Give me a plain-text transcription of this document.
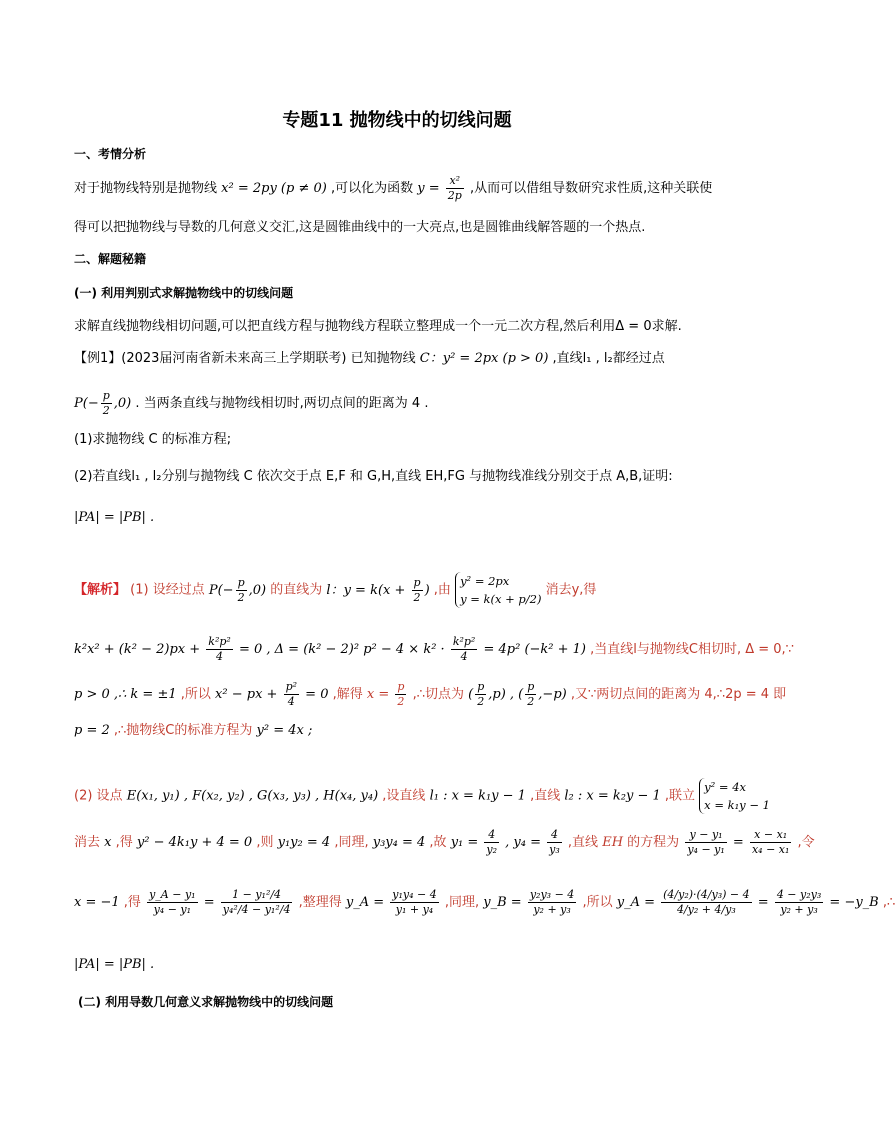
专题11 抛物线中的切线问题
一、考情分析
对于抛物线特别是抛物线 x² = 2py (p ≠ 0) ,可以化为函数 $y = \frac{\text{x²}}{2p}$ ,从而可以借组导数研究求性质,这种关联使
得可以把抛物线与导数的几何意义交汇,这是圆锥曲线中的一大亮点,也是圆锥曲线解答题的一个热点.
二、解题秘籍
(一) 利用判别式求解抛物线中的切线问题
求解直线抛物线相切问题,可以把直线方程与抛物线方程联立整理成一个一元二次方程,然后利用Δ = 0求解.
【例1】(2023届河南省新未来高三上学期联考) 已知抛物线 C：y² = 2px (p > 0) ,直线l₁ , l₂都经过点
$P(- \frac{p}{2} ,0)$ . 当两条直线与抛物线相切时,两切点间的距离为 4 .
(1)求抛物线 C 的标准方程;
(2)若直线l₁ , l₂分别与抛物线 C 依次交于点 E,F 和 G,H,直线 EH,FG 与抛物线准线分别交于点 A,B,证明:
|PA| = |PB| .
【解析】 (1) 设经过点 $P(- \frac{p}{2} ,0)$ 的直线为 l：$y = k(x + \frac{p}{2}$ ) ,由 y² = 2px
y = k(x + p/2) 消去y,得
$k^2x^2 + (k^2 - 2)px + \frac{\text{k²p²}}{4} = 0$ , Δ = (k² − 2)² $p^2 - 4 \times k^2 \cdot \frac{\text{k²p²}}{4} = 4p^2$ (−k² + 1) ,当直线l与抛物线C相切时, Δ = 0,∵
p > 0 ,∴ k = ±1 ,所以 x² − px + $\frac{\text{p²}}{4} = 0$ ,解得 $x = \frac{p}{2}$ ,∴切点为 ( $\frac{p}{2} ,p$) , ( $\frac{p}{2} ,-p$) ,又∵两切点间的距离为 4,∴2p = 4 即
p = 2 ,∴抛物线C的标准方程为 y² = 4x ;
(2) 设点 E(x₁, y₁) , F(x₂, y₂) , G(x₃, y₃) , H(x₄, y₄) ,设直线 l₁ : x = k₁y − 1 ,直线 l₂ : x = k₂y − 1 ,联立 y² = 4x
x = k₁y − 1
消去 x ,得 y² − 4k₁y + 4 = 0 ,则 y₁y₂ = 4 ,同理, y₃y₄ = 4 ,故 $y_1 = \frac{4}{\text{y₂}}$ , $y_4 = \frac{4}{\text{y₃}}$ ,直线 EH 的方程为 $\frac{\text{y − y₁}}{\text{y₄ − y₁}} = \frac{\text{x − x₁}}{\text{x₄ − x₁}}$ ,令
x = −1 ,得 $\frac{\text{y\_A − y₁}}{\text{y₄ − y₁}} = \frac{\text{1 − y₁²/4}}{\text{y₄²/4 − y₁²/4}}$ ,整理得 y_A = $\frac{\text{y₁y₄ − 4}}{\text{y₁ + y₄}}$ ,同理, y_B = $\frac{\text{y₂y₃ − 4}}{\text{y₂ + y₃}}$ ,所以 y_A = $\frac{\text{(4/y₂)·(4/y₃) − 4}}{\text{4/y₂ + 4/y₃}} = \frac{\text{4 − y₂y₃}}{\text{y₂ + y₃}}$ = −y_B ,∴
|PA| = |PB| .
(二) 利用导数几何意义求解抛物线中的切线问题
